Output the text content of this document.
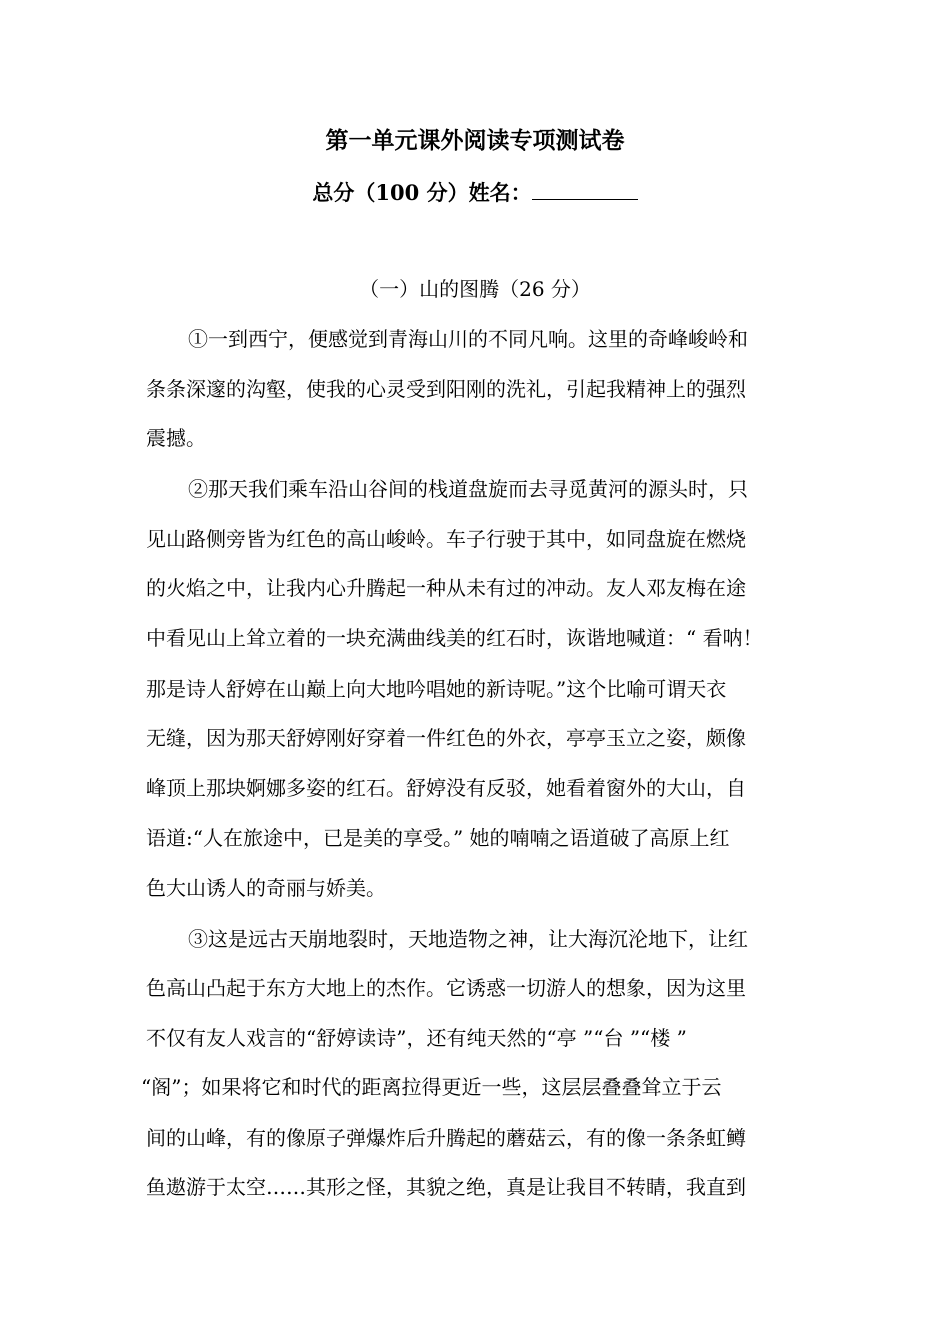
第一单元课外阅读专项测试卷
总分（100 分）姓名：
（一）山的图腾（26 分）
①一到西宁，便感觉到青海山川的不同凡响。这里的奇峰峻岭和
条条深邃的沟壑，使我的心灵受到阳刚的洗礼，引起我精神上的强烈
震撼。
②那天我们乘车沿山谷间的栈道盘旋而去寻觅黄河的源头时，只
见山路侧旁皆为红色的高山峻岭。车子行驶于其中，如同盘旋在燃烧
的火焰之中，让我内心升腾起一种从未有过的冲动。友人邓友梅在途
中看见山上耸立着的一块充满曲线美的红石时，诙谐地喊道：“ 看呐！
那是诗人舒婷在山巅上向大地吟唱她的新诗呢。”这个比喻可谓天衣
无缝，因为那天舒婷刚好穿着一件红色的外衣，亭亭玉立之姿，颇像
峰顶上那块婀娜多姿的红石。舒婷没有反驳，她看着窗外的大山，自
语道:“人在旅途中，已是美的享受。” 她的喃喃之语道破了高原上红
色大山诱人的奇丽与娇美。
③这是远古天崩地裂时，天地造物之神，让大海沉沦地下，让红
色高山凸起于东方大地上的杰作。它诱惑一切游人的想象，因为这里
不仅有友人戏言的“舒婷读诗”，还有纯天然的“亭 ”“台 ”“楼 ”
“阁”；如果将它和时代的距离拉得更近一些，这层层叠叠耸立于云
间的山峰，有的像原子弹爆炸后升腾起的蘑菇云，有的像一条条虹鳟
鱼遨游于太空……其形之怪，其貌之绝，真是让我目不转睛，我直到
